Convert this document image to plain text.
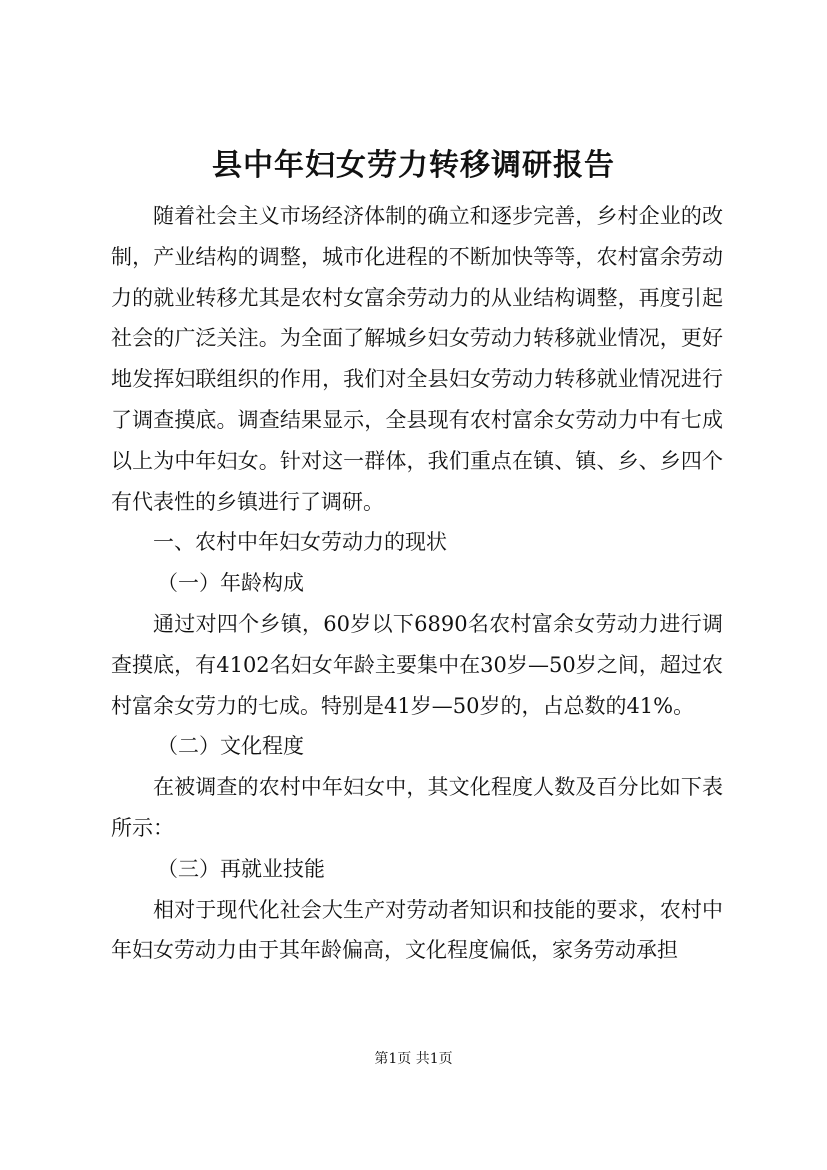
县中年妇女劳力转移调研报告

随着社会主义市场经济体制的确立和逐步完善，乡村企业的改制，产业结构的调整，城市化进程的不断加快等等，农村富余劳动力的就业转移尤其是农村女富余劳动力的从业结构调整，再度引起社会的广泛关注。为全面了解城乡妇女劳动力转移就业情况，更好地发挥妇联组织的作用，我们对全县妇女劳动力转移就业情况进行了调查摸底。调查结果显示，全县现有农村富余女劳动力中有七成以上为中年妇女。针对这一群体，我们重点在镇、镇、乡、乡四个有代表性的乡镇进行了调研。

一、农村中年妇女劳动力的现状

（一）年龄构成

通过对四个乡镇，60岁以下6890名农村富余女劳动力进行调查摸底，有4102名妇女年龄主要集中在30岁—50岁之间，超过农村富余女劳力的七成。特别是41岁—50岁的，占总数的41%。

（二）文化程度

在被调查的农村中年妇女中，其文化程度人数及百分比如下表所示：

（三）再就业技能

相对于现代化社会大生产对劳动者知识和技能的要求，农村中年妇女劳动力由于其年龄偏高，文化程度偏低，家务劳动承担

第1页 共1页
